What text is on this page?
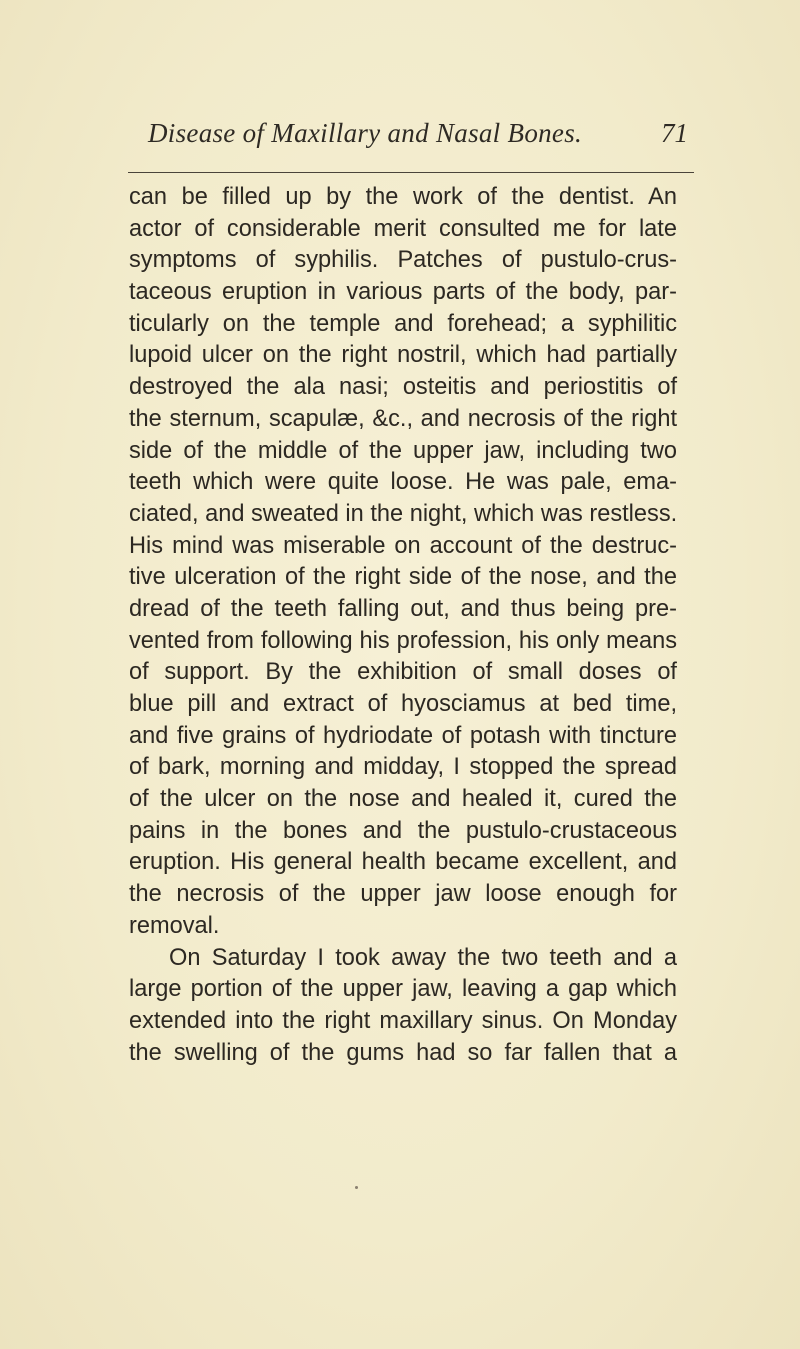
Disease of Maxillary and Nasal Bones.	71
can be filled up by the work of the dentist. An
actor of considerable merit consulted me for late
symptoms of syphilis. Patches of pustulo-crus-
taceous eruption in various parts of the body, par-
ticularly on the temple and forehead; a syphilitic
lupoid ulcer on the right nostril, which had partially
destroyed the ala nasi; osteitis and periostitis of
the sternum, scapulæ, &c., and necrosis of the right
side of the middle of the upper jaw, including two
teeth which were quite loose. He was pale, ema-
ciated, and sweated in the night, which was restless.
His mind was miserable on account of the destruc-
tive ulceration of the right side of the nose, and the
dread of the teeth falling out, and thus being pre-
vented from following his profession, his only means
of support. By the exhibition of small doses of
blue pill and extract of hyosciamus at bed time,
and five grains of hydriodate of potash with tincture
of bark, morning and midday, I stopped the spread
of the ulcer on the nose and healed it, cured the
pains in the bones and the pustulo-crustaceous
eruption. His general health became excellent, and
the necrosis of the upper jaw loose enough for
removal.
On Saturday I took away the two teeth and a
large portion of the upper jaw, leaving a gap which
extended into the right maxillary sinus. On Monday
the swelling of the gums had so far fallen that a
